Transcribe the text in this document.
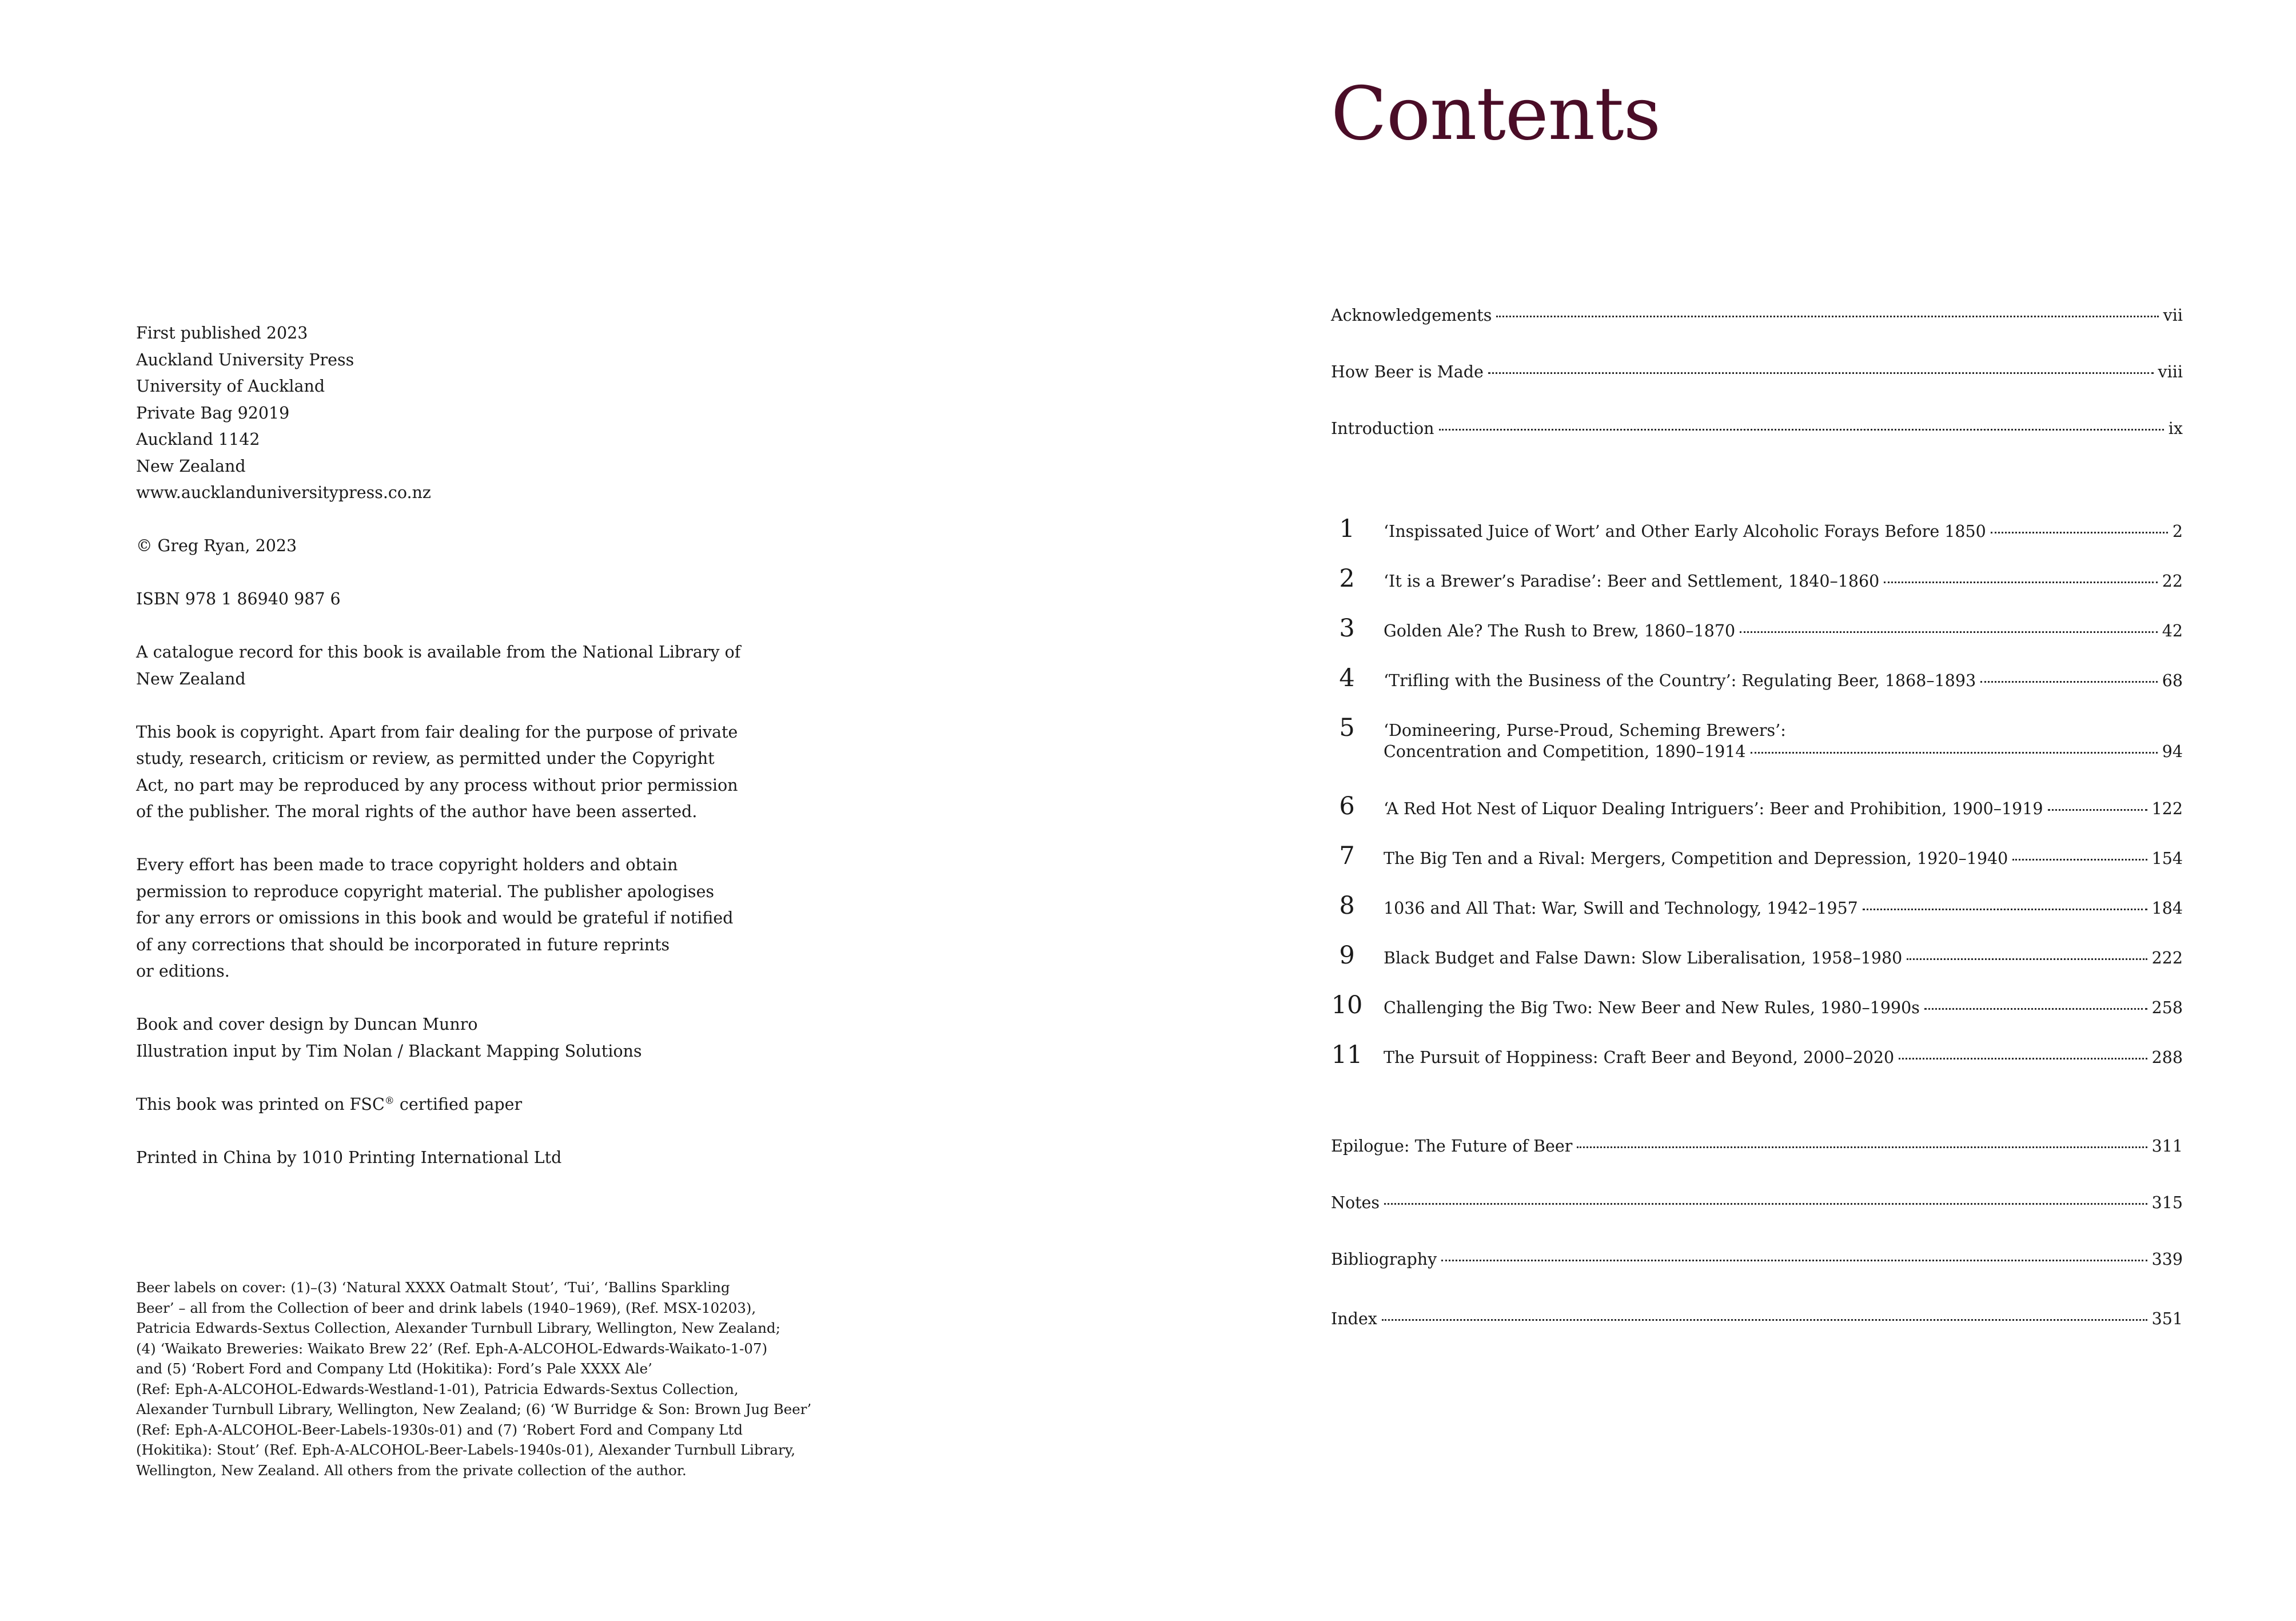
First published 2023
Auckland University Press
University of Auckland
Private Bag 92019
Auckland 1142
New Zealand
www.aucklanduniversitypress.co.nz

© Greg Ryan, 2023

ISBN 978 1 86940 987 6

A catalogue record for this book is available from the National Library of
New Zealand

This book is copyright. Apart from fair dealing for the purpose of private
study, research, criticism or review, as permitted under the Copyright
Act, no part may be reproduced by any process without prior permission
of the publisher. The moral rights of the author have been asserted.

Every effort has been made to trace copyright holders and obtain
permission to reproduce copyright material. The publisher apologises
for any errors or omissions in this book and would be grateful if notified
of any corrections that should be incorporated in future reprints
or editions.

Book and cover design by Duncan Munro
Illustration input by Tim Nolan / Blackant Mapping Solutions

This book was printed on FSC® certified paper

Printed in China by 1010 Printing International Ltd

Beer labels on cover: (1)–(3) ‘Natural XXXX Oatmalt Stout’, ‘Tui’, ‘Ballins Sparkling
Beer’ – all from the Collection of beer and drink labels (1940–1969), (Ref. MSX-10203),
Patricia Edwards-Sextus Collection, Alexander Turnbull Library, Wellington, New Zealand;
(4) ‘Waikato Breweries: Waikato Brew 22’ (Ref. Eph-A-ALCOHOL-Edwards-Waikato-1-07)
and (5) ‘Robert Ford and Company Ltd (Hokitika): Ford’s Pale XXXX Ale’
(Ref: Eph-A-ALCOHOL-Edwards-Westland-1-01), Patricia Edwards-Sextus Collection,
Alexander Turnbull Library, Wellington, New Zealand; (6) ‘W Burridge & Son: Brown Jug Beer’
(Ref: Eph-A-ALCOHOL-Beer-Labels-1930s-01) and (7) ‘Robert Ford and Company Ltd
(Hokitika): Stout’ (Ref. Eph-A-ALCOHOL-Beer-Labels-1940s-01), Alexander Turnbull Library,
Wellington, New Zealand. All others from the private collection of the author.
Contents
Acknowledgements	vii
How Beer is Made	viii
Introduction	ix
1	‘Inspissated Juice of Wort’ and Other Early Alcoholic Forays Before 1850	2
2	‘It is a Brewer’s Paradise’: Beer and Settlement, 1840–1860	22
3	Golden Ale? The Rush to Brew, 1860–1870	42
4	‘Trifling with the Business of the Country’: Regulating Beer, 1868–1893	68
5	‘Domineering, Purse-Proud, Scheming Brewers’:
Concentration and Competition, 1890–1914	94
6	‘A Red Hot Nest of Liquor Dealing Intriguers’: Beer and Prohibition, 1900–1919	122
7	The Big Ten and a Rival: Mergers, Competition and Depression, 1920–1940	154
8	1036 and All That: War, Swill and Technology, 1942–1957	184
9	Black Budget and False Dawn: Slow Liberalisation, 1958–1980	222
10 Challenging the Big Two: New Beer and New Rules, 1980–1990s	258
11 The Pursuit of Hoppiness: Craft Beer and Beyond, 2000–2020	288
Epilogue: The Future of Beer	311
Notes	315
Bibliography	339
Index	351
